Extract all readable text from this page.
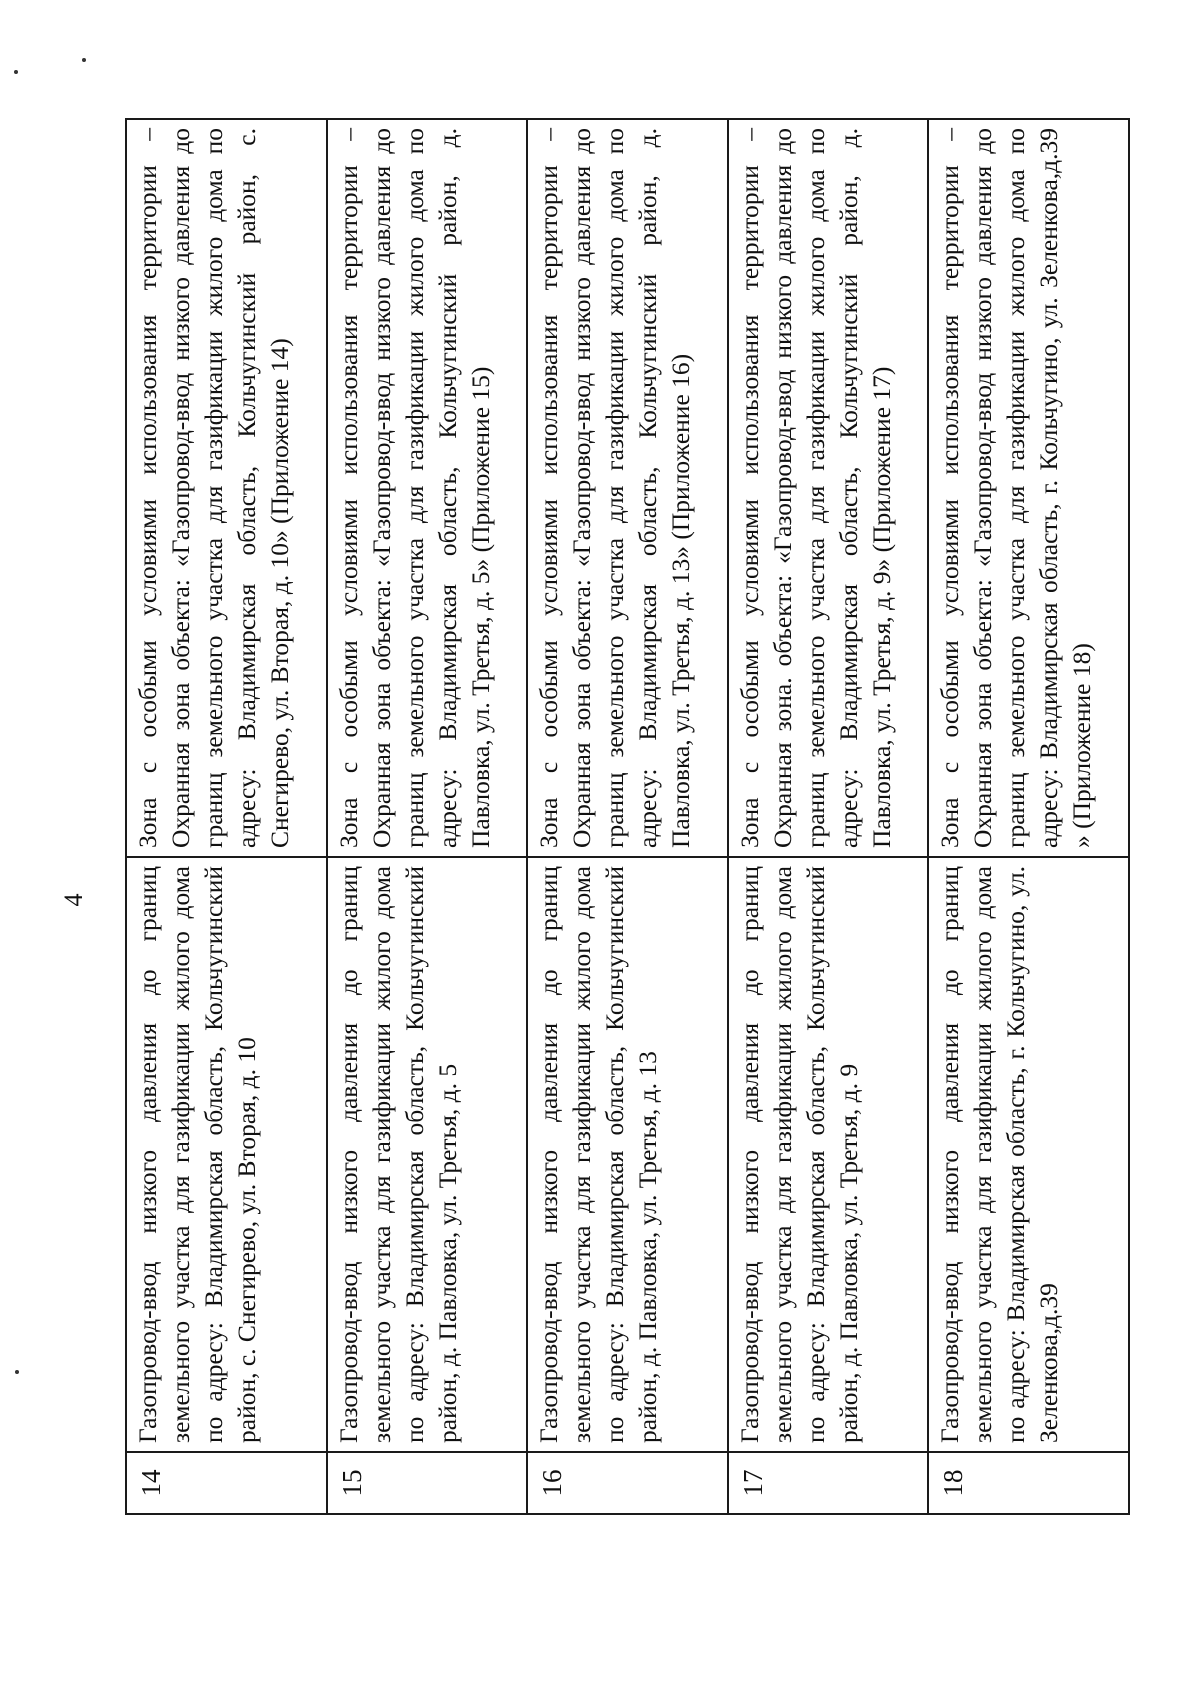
4
14	Газопровод-ввод низкого давления до границ земельного участка для газификации жилого дома по адресу: Владимирская область, Кольчугинский район, с. Снегирево, ул. Вторая, д. 10	Зона с особыми условиями использования территории – Охранная зона объекта: «Газопровод-ввод низкого давления до границ земельного участка для газификации жилого дома по адресу: Владимирская область, Кольчугинский район, с. Снегирево, ул. Вторая, д. 10» (Приложение 14)
15	Газопровод-ввод низкого давления до границ земельного участка для газификации жилого дома по адресу: Владимирская область, Кольчугинский район, д. Павловка, ул. Третья, д. 5	Зона с особыми условиями использования территории – Охранная зона объекта: «Газопровод-ввод низкого давления до границ земельного участка для газификации жилого дома по адресу: Владимирская область, Кольчугинский район, д. Павловка, ул. Третья, д. 5» (Приложение 15)
16	Газопровод-ввод низкого давления до границ земельного участка для газификации жилого дома по адресу: Владимирская область, Кольчугинский район, д. Павловка, ул. Третья, д. 13	Зона с особыми условиями использования территории – Охранная зона объекта: «Газопровод-ввод низкого давления до границ земельного участка для газификации жилого дома по адресу: Владимирская область, Кольчугинский район, д. Павловка, ул. Третья, д. 13» (Приложение 16)
17	Газопровод-ввод низкого давления до границ земельного участка для газификации жилого дома по адресу: Владимирская область, Кольчугинский район, д. Павловка, ул. Третья, д. 9	Зона с особыми условиями использования территории – Охранная зона. объекта: «Газопровод-ввод низкого давления до границ земельного участка для газификации жилого дома по адресу: Владимирская область, Кольчугинский район, д. Павловка, ул. Третья, д. 9» (Приложение 17)
18	Газопровод-ввод низкого давления до границ земельного участка для газификации жилого дома по адресу: Владимирская область, г. Кольчугино, ул. Зеленкова,д.39	Зона с особыми условиями использования территории – Охранная зона объекта: «Газопровод-ввод низкого давления до границ земельного участка для газификации жилого дома по адресу: Владимирская область, г. Кольчугино, ул. Зеленкова,д.39 » (Приложение 18)
